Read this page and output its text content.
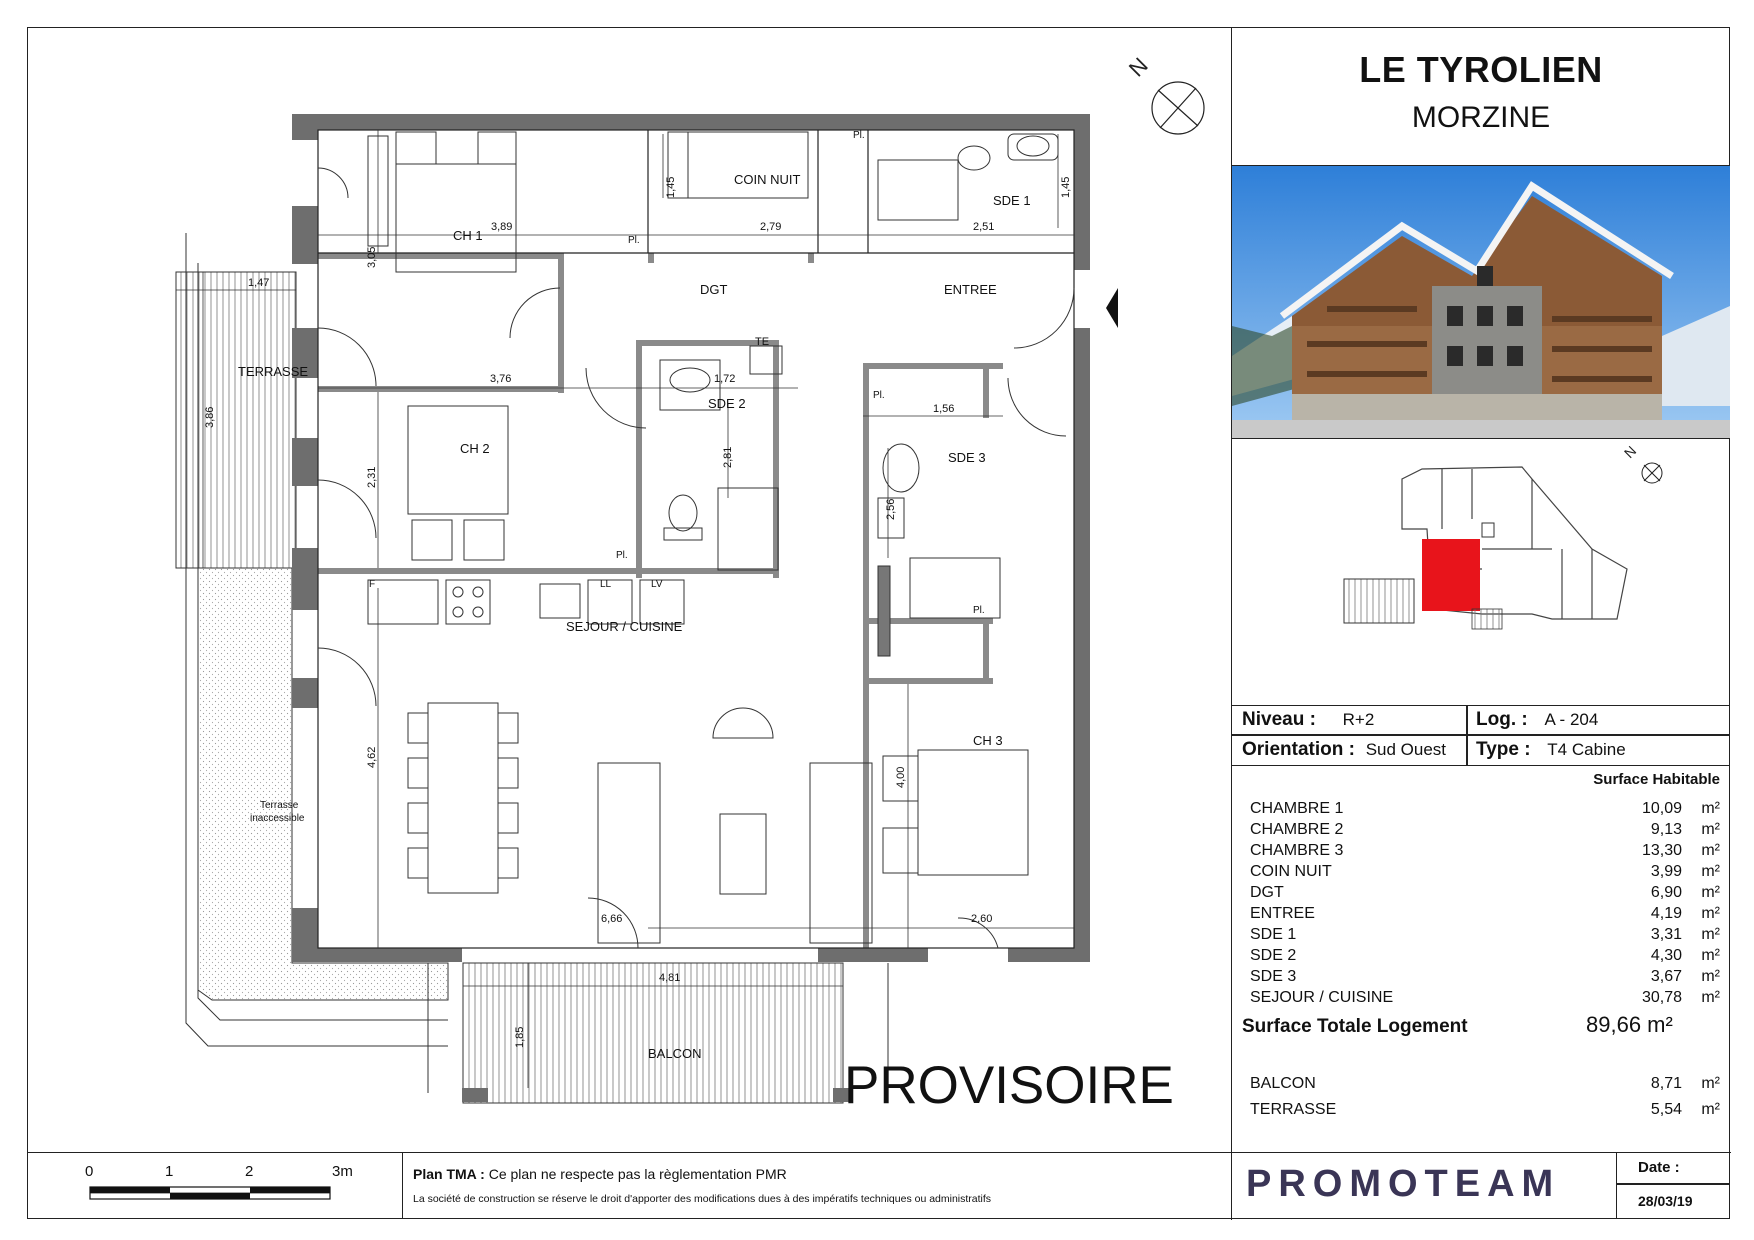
N
CH 1
COIN NUIT
SDE 1
DGT	ENTREE
TERRASSE
CH 2
SDE 2
TE
SDE 3
SEJOUR / CUISINE
CH 3
BALCON
Terrasse
inaccessible
F	LL	LV
Pl.
Pl.
Pl.
Pl.
Pl.
3,89	2,79	2,51
1,47
3,76	1,72
1,56
6,66	2,60
4,81
3,05
1,45	1,45
3,86
2,31
2,81
2,56
4,62
4,00
1,85
PROVISOIRE
LE TYROLIEN
MORZINE
N
Niveau : R+2	Log. : A - 204
Orientation : Sud Ouest Type : T4 Cabine
Surface Habitable
CHAMBRE 1	10,09 m²
CHAMBRE 2	9,13 m²
CHAMBRE 3	13,30 m²
COIN NUIT	3,99 m²
DGT	6,90 m²
ENTREE	4,19 m²
SDE 1	3,31 m²
SDE 2	4,30 m²
SDE 3	3,67 m²
SEJOUR / CUISINE	30,78 m²
Surface Totale Logement	89,66 m²
BALCON	8,71 m²
TERRASSE	5,54 m²
0	1	2	3m	Plan TMA : Ce plan ne respecte pas la règlementation PMR
La société de construction se réserve le droit d'apporter des modifications dues à des impératifs techniques ou administratifs	PROMOTEAM	Date :
28/03/19
